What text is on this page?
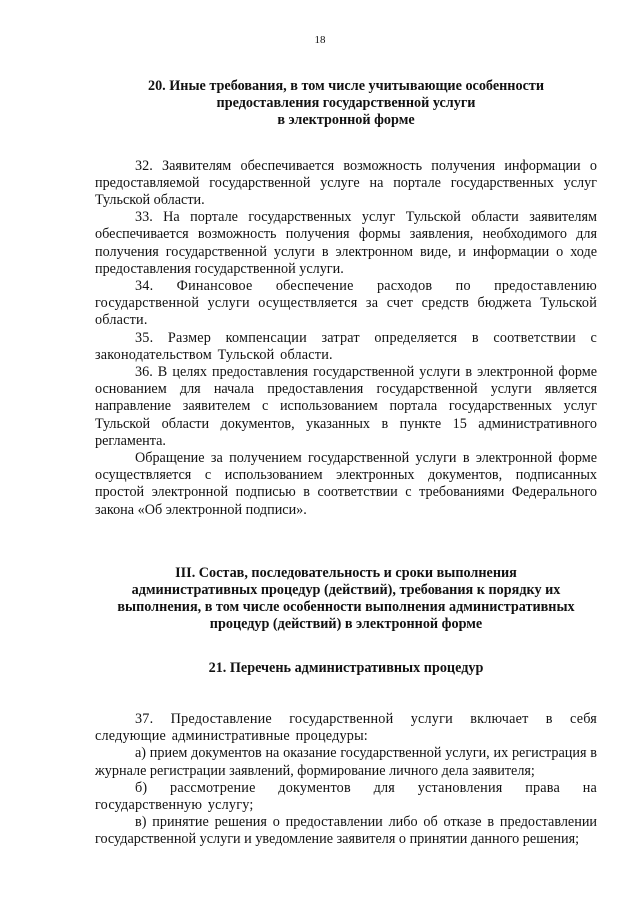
18
20. Иные требования, в том числе учитывающие особенности
предоставления государственной услуги
в электронной форме

32. Заявителям обеспечивается возможность получения информации о предоставляемой государственной услуге на портале государственных услуг Тульской области.

33. На портале государственных услуг Тульской области заявителям обеспечивается возможность получения формы заявления, необходимого для получения государственной услуги в электронном виде, и информации о ходе предоставления государственной услуги.

34. Финансовое обеспечение расходов по предоставлению государственной услуги осуществляется за счет средств бюджета Тульской области.

35. Размер компенсации затрат определяется в соответствии с законодательством Тульской области.

36. В целях предоставления государственной услуги в электронной форме основанием для начала предоставления государственной услуги является направление заявителем с использованием портала государственных услуг Тульской области документов, указанных в пункте 15 административного регламента.

Обращение за получением государственной услуги в электронной форме осуществляется с использованием электронных документов, подписанных простой электронной подписью в соответствии с требованиями Федерального закона «Об электронной подписи».

III. Состав, последовательность и сроки выполнения
административных процедур (действий), требования к порядку их
выполнения, в том числе особенности выполнения административных
процедур (действий) в электронной форме
21. Перечень административных процедур

37. Предоставление государственной услуги включает в себя следующие административные процедуры:

а) прием документов на оказание государственной услуги, их регистрация в журнале регистрации заявлений, формирование личного дела заявителя;

б) рассмотрение документов для установления права на государственную услугу;

в) принятие решения о предоставлении либо об отказе в предоставлении государственной услуги и уведомление заявителя о принятии данного решения;
